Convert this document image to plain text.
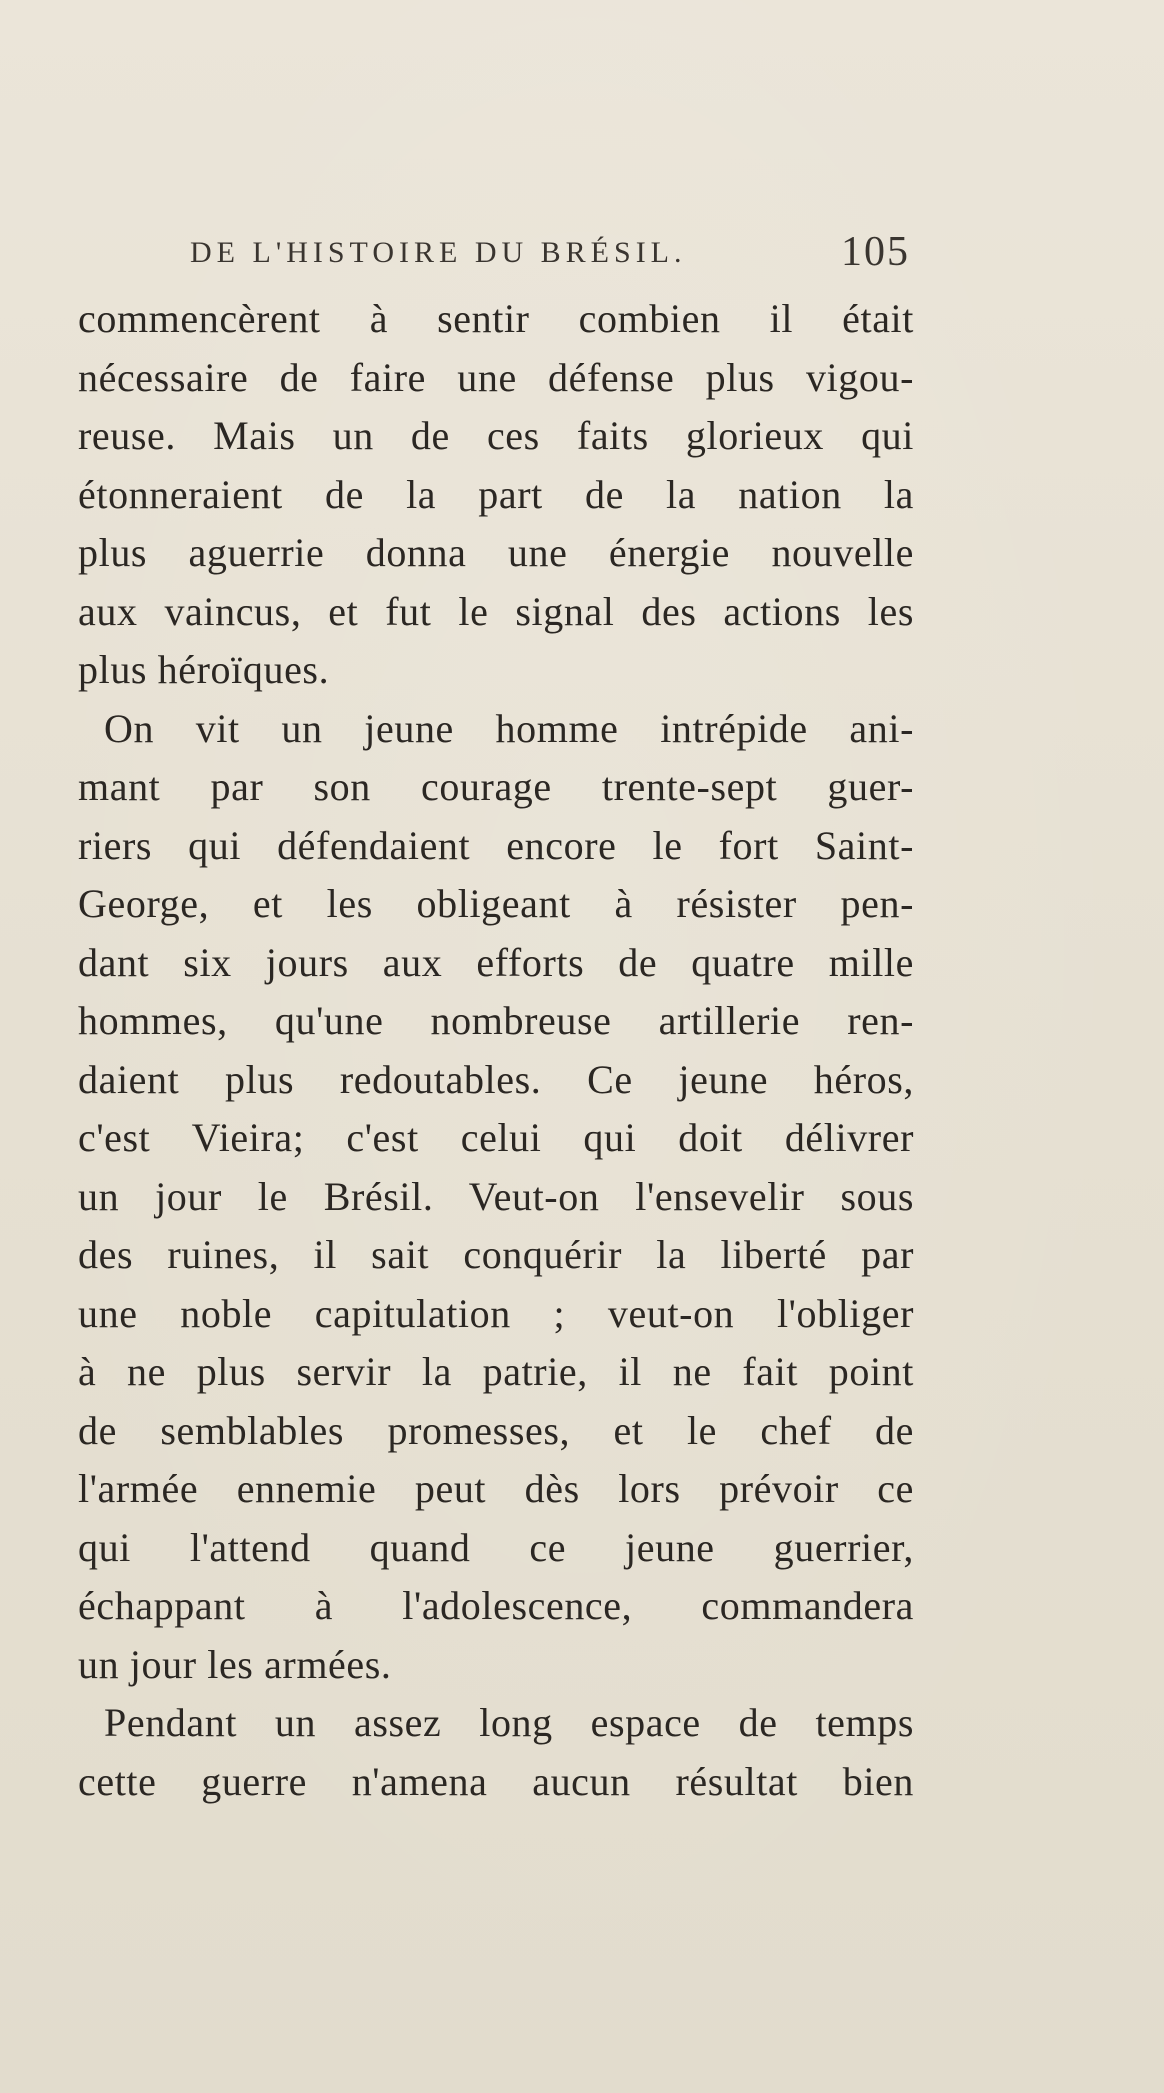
DE L'HISTOIRE DU BRÉSIL.	105
commencèrent à sentir combien il était
nécessaire de faire une défense plus vigou-
reuse. Mais un de ces faits glorieux qui
étonneraient de la part de la nation la
plus aguerrie donna une énergie nouvelle
aux vaincus, et fut le signal des actions les
plus héroïques.
On vit un jeune homme intrépide ani-
mant par son courage trente-sept guer-
riers qui défendaient encore le fort Saint-
George, et les obligeant à résister pen-
dant six jours aux efforts de quatre mille
hommes, qu'une nombreuse artillerie ren-
daient plus redoutables. Ce jeune héros,
c'est Vieira; c'est celui qui doit délivrer
un jour le Brésil. Veut-on l'ensevelir sous
des ruines, il sait conquérir la liberté par
une noble capitulation ; veut-on l'obliger
à ne plus servir la patrie, il ne fait point
de semblables promesses, et le chef de
l'armée ennemie peut dès lors prévoir ce
qui l'attend quand ce jeune guerrier,
échappant à l'adolescence, commandera
un jour les armées.
Pendant un assez long espace de temps
cette guerre n'amena aucun résultat bien
